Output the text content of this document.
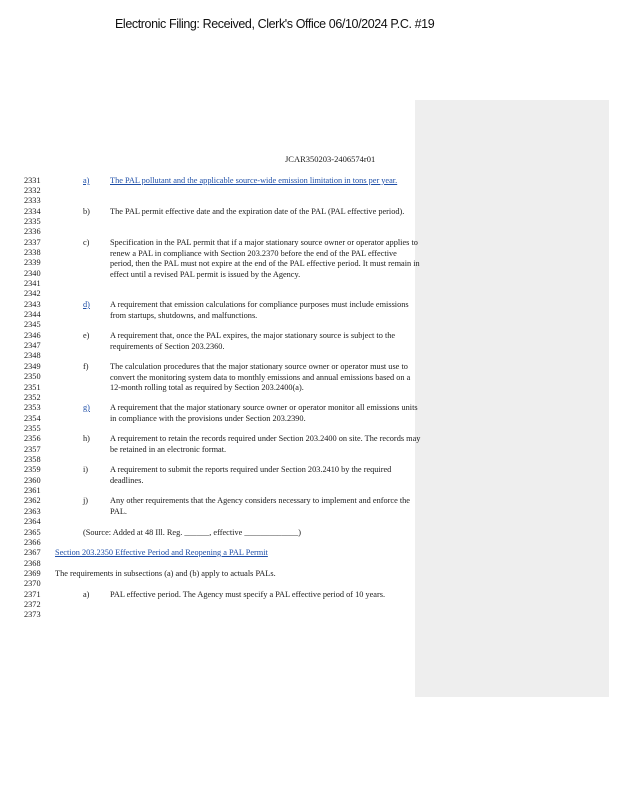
Electronic Filing: Received, Clerk's Office 06/10/2024 P.C. #19
JCAR350203-2406574r01
2331
2332
2333
2334
2335
2336
2337
2338
2339
2340
2341
2342
2343
2344
2345
2346
2347
2348
2349
2350
2351
2352
2353
2354
2355
2356
2357
2358
2359
2360
2361
2362
2363
2364
2365
2366
2367
2368
2369
2370
2371
2372
2373
a) The PAL pollutant and the applicable source-wide emission limitation in tons per year.
b) The PAL permit effective date and the expiration date of the PAL (PAL effective period).
c) Specification in the PAL permit that if a major stationary source owner or operator applies to renew a PAL in compliance with Section 203.2370 before the end of the PAL effective period, then the PAL must not expire at the end of the PAL effective period. It must remain in effect until a revised PAL permit is issued by the Agency.
d) A requirement that emission calculations for compliance purposes must include emissions from startups, shutdowns, and malfunctions.
e) A requirement that, once the PAL expires, the major stationary source is subject to the requirements of Section 203.2360.
f)	The calculation procedures that the major stationary source owner or operator must use to convert the monitoring system data to monthly emissions and annual emissions based on a 12-month rolling total as required by Section 203.2400(a).
g) A requirement that the major stationary source owner or operator monitor all emissions units in compliance with the provisions under Section 203.2390.
h) A requirement to retain the records required under Section 203.2400 on site. The records may be retained in an electronic format.
i)	A requirement to submit the reports required under Section 203.2410 by the required deadlines.
j)	Any other requirements that the Agency considers necessary to implement and enforce the PAL.
(Source: Added at 48 Ill. Reg. ______, effective _____________)
Section 203.2350 Effective Period and Reopening a PAL Permit
The requirements in subsections (a) and (b) apply to actuals PALs.
a) PAL effective period. The Agency must specify a PAL effective period of 10 years.
